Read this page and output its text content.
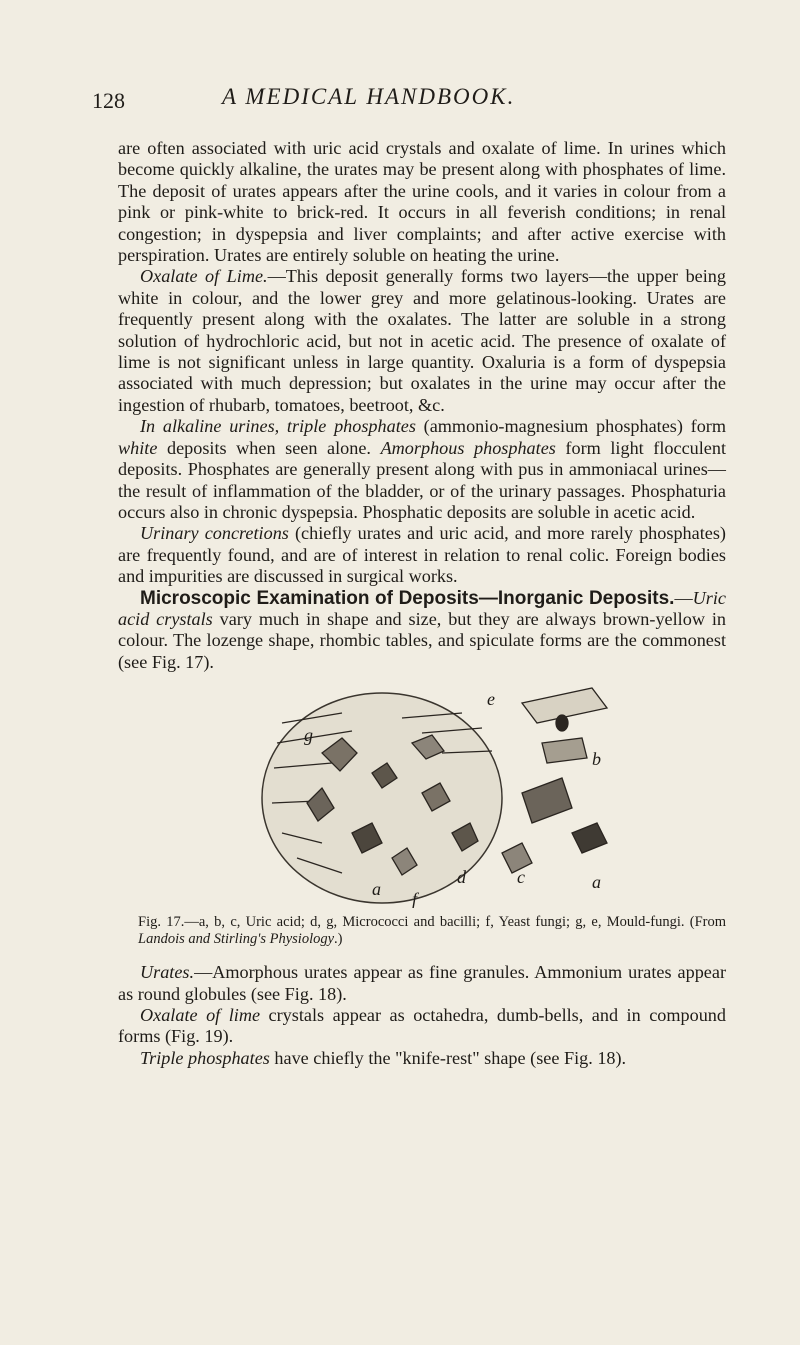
128	A MEDICAL HANDBOOK.

are often associated with uric acid crystals and oxalate of lime. In urines which become quickly alkaline, the urates may be present along with phosphates of lime. The deposit of urates appears after the urine cools, and it varies in colour from a pink or pink-white to brick-red. It occurs in all feverish conditions; in renal congestion; in dyspepsia and liver complaints; and after active exercise with perspiration. Urates are entirely soluble on heating the urine.

Oxalate of Lime.—This deposit generally forms two layers—the upper being white in colour, and the lower grey and more gelatinous-looking. Urates are frequently present along with the oxalates. The latter are soluble in a strong solution of hydrochloric acid, but not in acetic acid. The presence of oxalate of lime is not significant unless in large quantity. Oxaluria is a form of dyspepsia associated with much depression; but oxalates in the urine may occur after the ingestion of rhubarb, tomatoes, beetroot, &c.

In alkaline urines, triple phosphates (ammonio-magnesium phosphates) form white deposits when seen alone. Amorphous phosphates form light flocculent deposits. Phosphates are generally present along with pus in ammoniacal urines—the result of inflammation of the bladder, or of the urinary passages. Phosphaturia occurs also in chronic dyspepsia. Phosphatic deposits are soluble in acetic acid.

Urinary concretions (chiefly urates and uric acid, and more rarely phosphates) are frequently found, and are of interest in relation to renal colic. Foreign bodies and impurities are discussed in surgical works.

Microscopic Examination of Deposits—Inorganic Deposits.—Uric acid crystals vary much in shape and size, but they are always brown-yellow in colour. The lozenge shape, rhombic tables, and spiculate forms are the commonest (see Fig. 17).

e
g
b
d	c	a
a f

Fig. 17.—a, b, c, Uric acid; d, g, Micrococci and bacilli; f, Yeast fungi; g, e, Mould-fungi. (From Landois and Stirling's Physiology.)

Urates.—Amorphous urates appear as fine granules. Ammonium urates appear as round globules (see Fig. 18).

Oxalate of lime crystals appear as octahedra, dumb-bells, and in compound forms (Fig. 19).

Triple phosphates have chiefly the "knife-rest" shape (see Fig. 18).
